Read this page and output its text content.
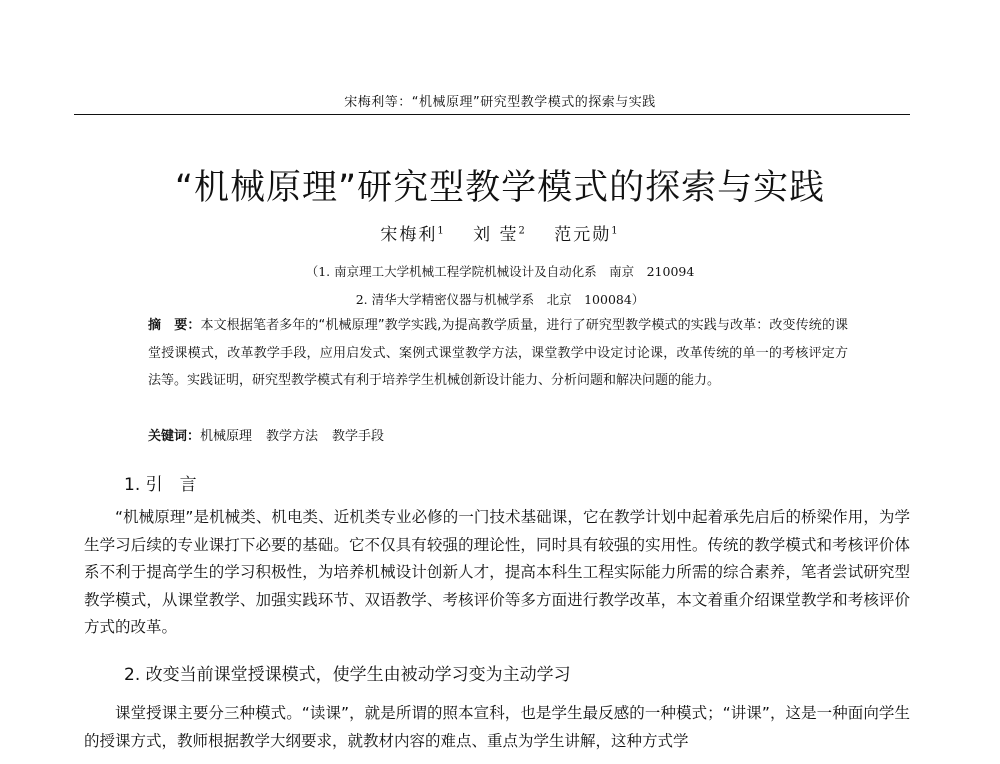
宋梅利等：“机械原理”研究型教学模式的探索与实践
“机械原理”研究型教学模式的探索与实践
宋梅利$^1$ 刘 莹$^2$ 范元勋$^1$
（1. 南京理工大学机械工程学院机械设计及自动化系　南京　210094
2. 清华大学精密仪器与机械学系　北京　100084）
摘　要：本文根据笔者多年的“机械原理”教学实践,为提高教学质量，进行了研究型教学模式的实践与改革：改变传统的课堂授课模式，改革教学手段，应用启发式、案例式课堂教学方法，课堂教学中设定讨论课，改革传统的单一的考核评定方法等。实践证明，研究型教学模式有利于培养学生机械创新设计能力、分析问题和解决问题的能力。
关键词：机械原理 教学方法 教学手段
1. 引　言
“机械原理”是机械类、机电类、近机类专业必修的一门技术基础课，它在教学计划中起着承先启后的桥梁作用，为学生学习后续的专业课打下必要的基础。它不仅具有较强的理论性，同时具有较强的实用性。传统的教学模式和考核评价体系不利于提高学生的学习积极性，为培养机械设计创新人才，提高本科生工程实际能力所需的综合素养，笔者尝试研究型教学模式，从课堂教学、加强实践环节、双语教学、考核评价等多方面进行教学改革，本文着重介绍课堂教学和考核评价方式的改革。
2. 改变当前课堂授课模式，使学生由被动学习变为主动学习
课堂授课主要分三种模式。“读课”，就是所谓的照本宣科，也是学生最反感的一种模式；“讲课”，这是一种面向学生的授课方式，教师根据教学大纲要求，就教材内容的难点、重点为学生讲解，这种方式学
